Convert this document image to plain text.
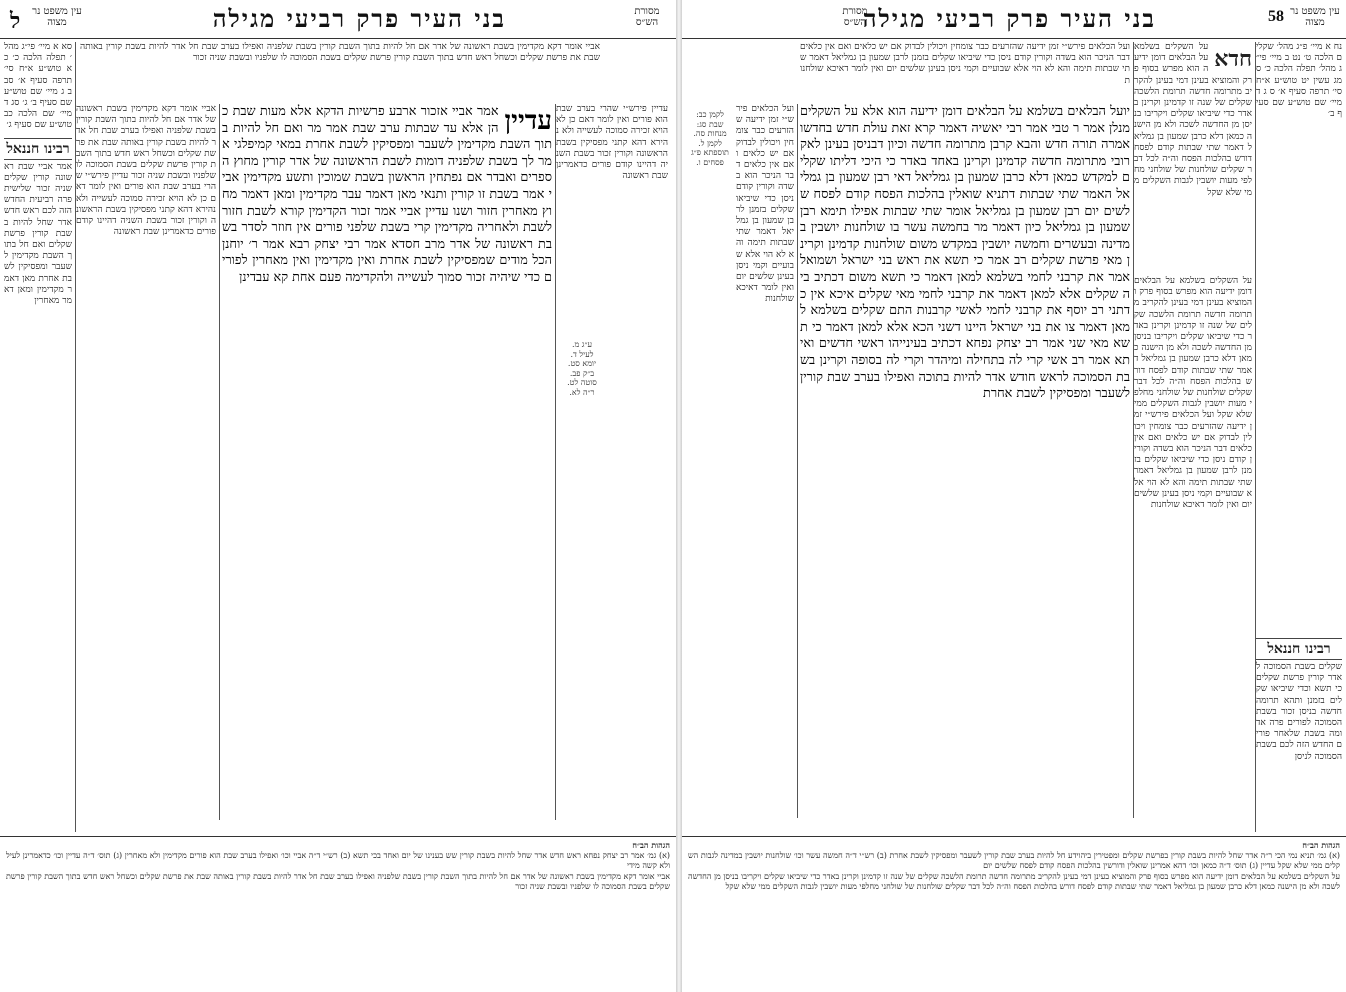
בני העיר פרק רביעי מגילה
ל	מסורת הש״ס
עין משפט נר מצוה
אביי אומר דקא מקדימין בשבת ראשונה של אדר אם חל להיות בתוך השבת קורין בשבת שלפניה ואפילו בערב שבת חל אדר להיות בשבת קורין באותה שבת את פרשת שקלים וכשחל ראש חדש בתוך השבת קורין פרשת שקלים בשבת הסמוכה לו שלפניו ובשבת שניה זכור
עדיין פירש״י שהרי בערב שבת הוא פורים ואין לומר דאם כן לא הויא זכירה סמוכה לעשייה ולא נהירא דהא קתני מפסיקין בשבת הראשונה וקורין זכור בשבת השניה דהיינו קודם פורים כדאמרינן שבת ראשונה
עדיין
אמר אביי אזכור ארבע פרשיות הדקא אלא מעות שבת כהן אלא עד שבתות ערב שבת אמר מר ואם חל להיות בתוך השבת מקדימין לשעבר ומפסיקין לשבת אחרת במאי קמיפלגי אמר לך בשבת שלפניה דומות לשבת הראשונה של אדר קורין מחוץ הספרים ואבדר אם נפתחין הראשון בשבת שמוכין ותשע מקדימין אביי אמר בשבת זו קורין ותנאי מאן דאמר עבר מקדימין ומאן דאמר מחוץ מאחרין חזור ושנו עדיין אביי אמר זכור הקדימין קורא לשבת חזור לשבת ולאחריה מקדימין קרי בשבת שלפני פורים אין חוזר לסדר בשבת ראשונה של אדר מרב חסדא אמר רבי יצחק רבא אמר ר׳ יוחנן הכל מודים שמפסיקין לשבת אחרת ואין מקדימין ואין מאחרין לפורים כדי שיהיה זכור סמוך לעשייה ולהקדימה פעם אחת קא עבדינן
אביי אומר דקא מקדימין בשבת ראשונה של אדר אם חל להיות בתוך השבת קורין בשבת שלפניה ואפילו בערב שבת חל אדר להיות בשבת קורין באותה שבת את פרשת שקלים וכשחל ראש חדש בתוך השבת קורין פרשת שקלים בשבת הסמוכה לו שלפניו ובשבת שניה זכור עדיין פירש״י שהרי בערב שבת הוא פורים ואין לומר דאם כן לא הויא זכירה סמוכה לעשייה ולא נהירא דהא קתני מפסיקין בשבת הראשונה וקורין זכור בשבת השניה דהיינו קודם פורים כדאמרינן שבת ראשונה
ע״ג מ.
לעיל ד.
יומא סט.
ב״ק פב.
סוטה לט.
ר״ה לא.
סא א מיי׳ פי״ג מהל׳ תפלה הלכה כ׳ כא טוש״ע א״ח סי׳ תרפה סעיף א׳ סב ב ג מיי׳ שם טוש״ע שם סעיף ב׳ ג׳ סג ד מיי׳ שם הלכה כב טוש״ע שם סעיף ג׳
רבינו חננאל
אמר אביי שבת ראשונה קורין שקלים שניה זכור שלישית פרה רביעית החדש הזה לכם ראש חדש אדר שחל להיות בשבת קורין פרשת שקלים ואם חל בתוך השבת מקדימין לשעבר ומפסיקין לשבת אחרת מאן דאמר מקדימין ומאן דאמר מאחרין
הגהות הב״ח
(א) גמ׳ אמר רב יצחק נפחא ראש חדש אדר שחל להיות בשבת קורין שש בענינו של יום ואחד בכי תשא (ב) רש״י ד״ה אביי וכו׳ ואפילו בערב שבת הוא פורים מקדימין ולא מאחרין (ג) תוס׳ ד״ה עדיין וכו׳ כדאמרינן לעיל ולא קשה מידי
אביי אומר דקא מקדימין בשבת ראשונה של אדר אם חל להיות בתוך השבת קורין בשבת שלפניה ואפילו בערב שבת חל אדר להיות בשבת קורין באותה שבת את פרשת שקלים וכשחל ראש חדש בתוך השבת קורין פרשת שקלים בשבת הסמוכה לו שלפניו ובשבת שניה זכור
בני העיר פרק רביעי מגילה	58 עין משפט נר מצוה
מסורת הש״ס
נח א מיי׳ פ״ג מהל׳ שקלים הלכה ט׳ נט ב מיי׳ פי״ג מהל׳ תפלה הלכה כ׳ סמג עשין יט טוש״ע א״ח סי׳ תרפה סעיף א׳ ס ג ד מיי׳ שם טוש״ע שם סעיף ב׳
חדא
על השקלים בשלמא על הבלאים דומן ידיעה הוא מפרש בסוף פרק והמוציא בעינן דמי בעינן להקריב מתרומה חדשה תרומת הלשכה שקלים של שנה זו קדמינן וקרינן באדר כדי שיביאו שקלים ויקריבו בניסן מן החדשה לשכה ולא מן הישנה כמאן דלא כרבן שמעון בן גמליאל דאמר שתי שבתות קודם לפסח דורש בהלכות הפסח וה״ה לכל דבר שקלים שולחנות של שולחני מחלפי מעות יושבין לגבות השקלים ממי שלא שקל
ועל הכלאים פירש״י זמן ידיעה שהזרעים כבר צומחין ויכולין לבדוק אם יש כלאים ואם אין כלאים דבר הניכר הוא בשדה וקורין קודם ניסן כדי שיביאו שקלים בזמנן לרבן שמעון בן גמליאל דאמר שתי שבתות תימה והא לא הוי אלא שבועיים וקמי ניסן בעינן שלשים יום ואין לומר דאיכא שולחנות
יועל הבלאים בשלמא על הבלאים דומן ידיעה הוא אלא על השקלים מנלן אמר ר טבי אמר רבי יאשיה דאמר קרא זאת עולת חדש בחדשו אמרה תורה חדש והבא קרבן מתרומה חדשה וכיון דבניסן בעינן לאקרובי מתרומה חדשה קדמינן וקרינן באחד באדר כי היכי דליתו שקלים למקדש כמאן דלא כרבן שמעון בן גמליאל דאי רבן שמעון בן גמליאל האמר שתי שבתות דתניא שואלין בהלכות הפסח קודם לפסח שלשים יום רבן שמעון בן גמליאל אומר שתי שבתות אפילו תימא רבן שמעון בן גמליאל כיון דאמר מר בחמשה עשר בו שולחנות יושבין במדינה ובעשרים וחמשה יושבין במקדש משום שולחנות קדמינן וקרינן מאי פרשת שקלים רב אמר כי תשא את ראש בני ישראל ושמואל אמר את קרבני לחמי בשלמא למאן דאמר כי תשא משום דכתיב ביה שקלים אלא למאן דאמר את קרבני לחמי מאי שקלים איכא אין כדתני רב יוסף את קרבני לחמי לאשי קרבנות התם שקלים בשלמא למאן דאמר צו את בני ישראל היינו דשני הכא אלא למאן דאמר כי תשא מאי שני אמר רב יצחק נפחא דכתיב בעינייהו ראשי חדשים ואיתא אמר רב אשי קרי לה בתחילה ומיהדר וקרי לה בסופה וקרינן בשבת הסמוכה לראש חודש אדר להיות בתוכה ואפילו בערב שבת קורין לשעבר ומפסיקין לשבת אחרת
ועל הכלאים פירש״י זמן ידיעה שהזרעים כבר צומחין ויכולין לבדוק אם יש כלאים ואם אין כלאים דבר הניכר הוא בשדה וקורין קודם ניסן כדי שיביאו שקלים בזמנן לרבן שמעון בן גמליאל דאמר שתי שבתות תימה והא לא הוי אלא שבועיים וקמי ניסן בעינן שלשים יום ואין לומר דאיכא שולחנות
לקמן כב:
שבת סג:
מנחות סה.
לקמן ל.
תוספתא פ״ג
פסחים ו.
רבינו חננאל
שקלים בשבת הסמוכה לאדר קורין פרשת שקלים כי תשא וכדי שיביאו שקלים בזמנן ותהא תרומה חדשה בניסן זכור בשבת הסמוכה לפורים פרה אדומה בשבת שלאחר פורים החדש הזה לכם בשבת הסמוכה לניסן
על השקלים בשלמא על הבלאים דומן ידיעה הוא מפרש בסוף פרק והמוציא בעינן דמי בעינן להקריב מתרומה חדשה תרומת הלשכה שקלים של שנה זו קדמינן וקרינן באדר כדי שיביאו שקלים ויקריבו בניסן מן החדשה לשכה ולא מן הישנה כמאן דלא כרבן שמעון בן גמליאל דאמר שתי שבתות קודם לפסח דורש בהלכות הפסח וה״ה לכל דבר שקלים שולחנות של שולחני מחלפי מעות יושבין לגבות השקלים ממי שלא שקל ועל הכלאים פירש״י זמן ידיעה שהזרעים כבר צומחין ויכולין לבדוק אם יש כלאים ואם אין כלאים דבר הניכר הוא בשדה וקורין קודם ניסן כדי שיביאו שקלים בזמנן לרבן שמעון בן גמליאל דאמר שתי שבתות תימה והא לא הוי אלא שבועיים וקמי ניסן בעינן שלשים יום ואין לומר דאיכא שולחנות
הגהות הב״ח
(א) גמ׳ תניא נמי הכי ר״ה אדר שחל להיות בשבת קורין בפרשת שקלים ומפטירין ביהוידע חל להיות בערב שבת קורין לשעבר ומפסיקין לשבת אחרת (ב) רש״י ד״ה חמשה עשר וכו׳ שולחנות יושבין במדינה לגבות השקלים ממי שלא שקל עדיין (ג) תוס׳ ד״ה כמאן וכו׳ דהא אמרינן שואלין ודורשין בהלכות הפסח קודם לפסח שלשים יום
על השקלים בשלמא על הבלאים דומן ידיעה הוא מפרש בסוף פרק והמוציא בעינן דמי בעינן להקריב מתרומה חדשה תרומת הלשכה שקלים של שנה זו קדמינן וקרינן באדר כדי שיביאו שקלים ויקריבו בניסן מן החדשה לשכה ולא מן הישנה כמאן דלא כרבן שמעון בן גמליאל דאמר שתי שבתות קודם לפסח דורש בהלכות הפסח וה״ה לכל דבר שקלים שולחנות של שולחני מחלפי מעות יושבין לגבות השקלים ממי שלא שקל
